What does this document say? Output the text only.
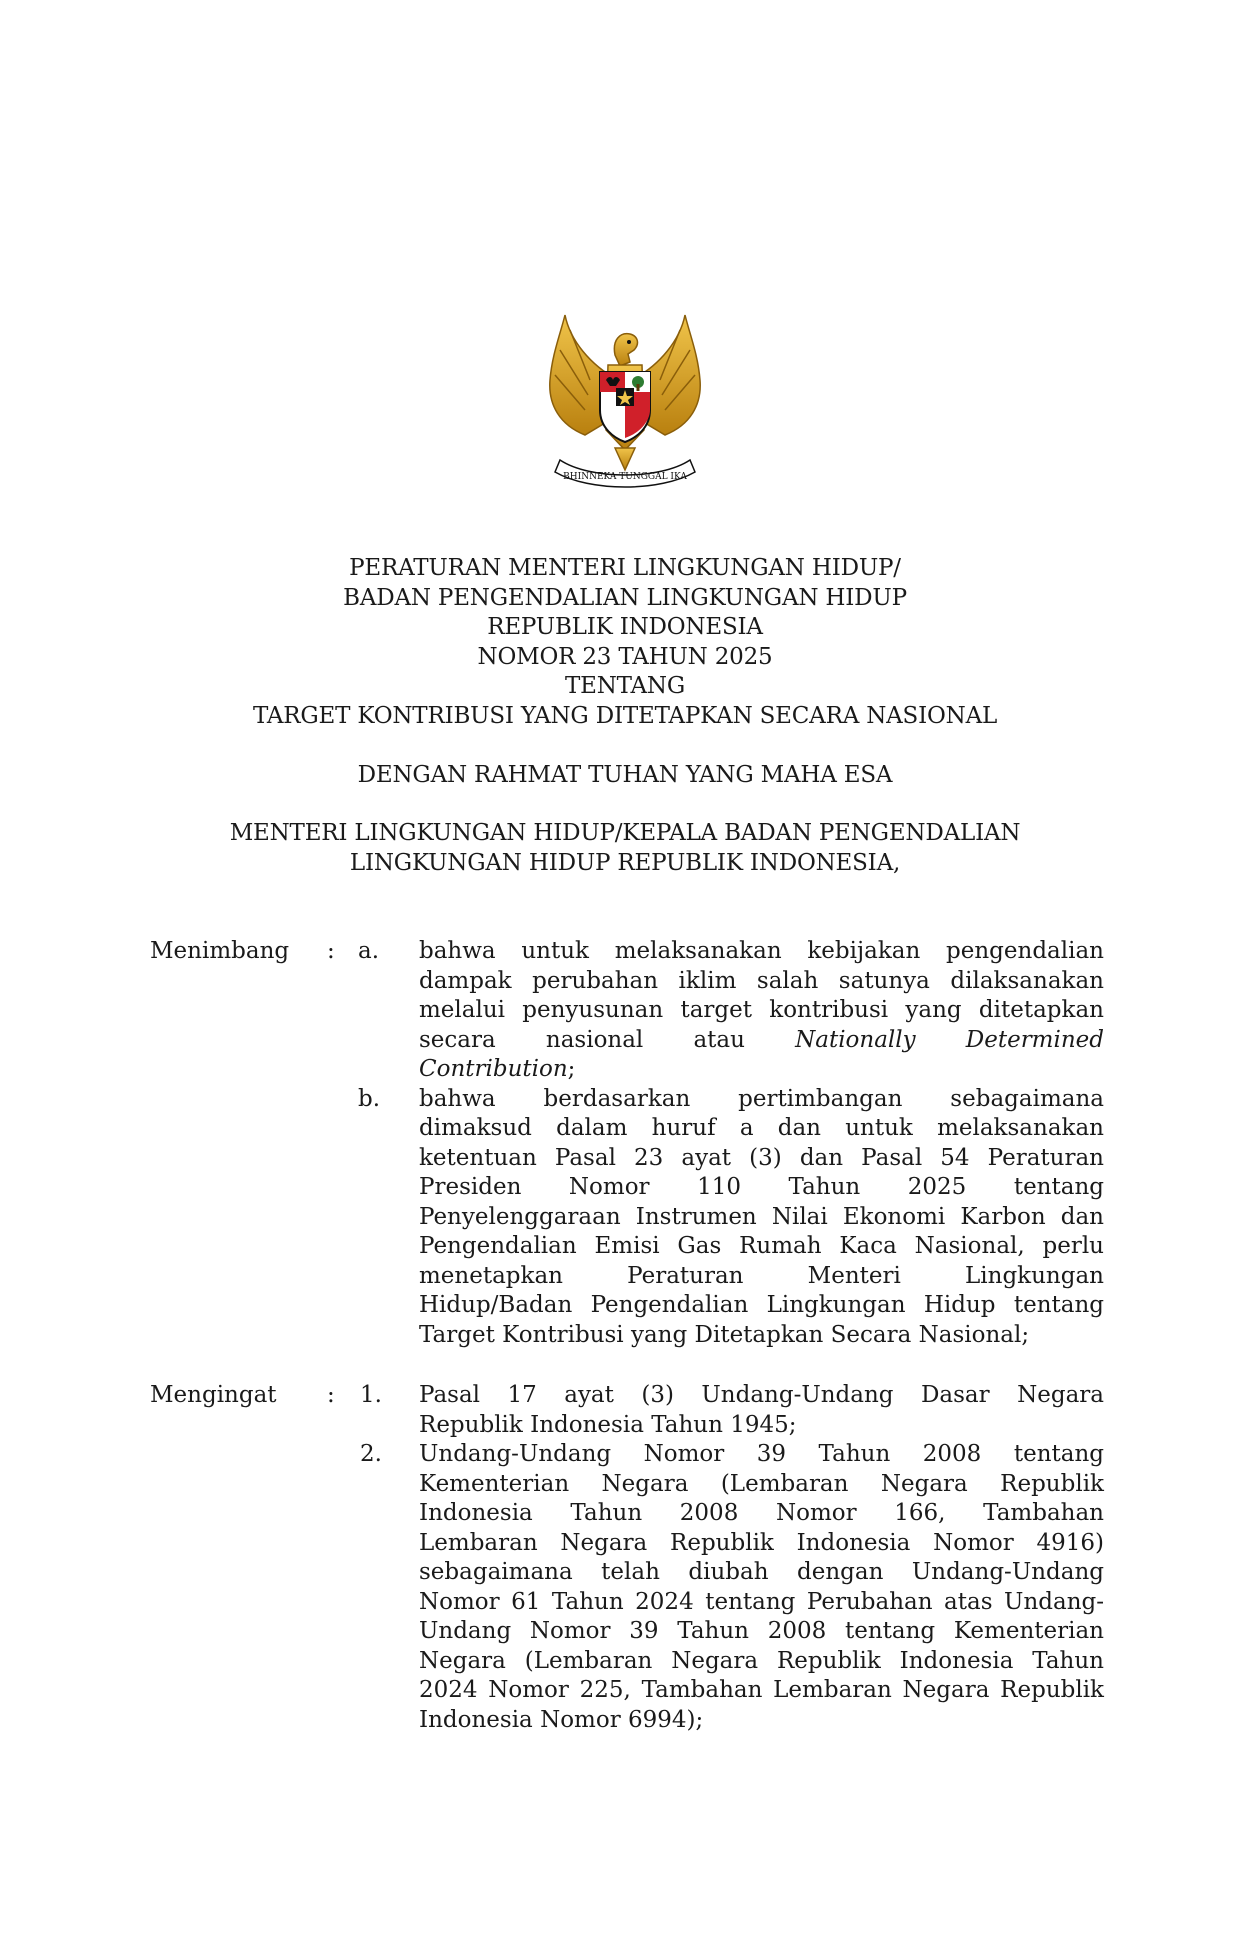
BHINNEKA TUNGGAL IKA
PERATURAN MENTERI LINGKUNGAN HIDUP/
BADAN PENGENDALIAN LINGKUNGAN HIDUP
REPUBLIK INDONESIA
NOMOR 23 TAHUN 2025
TENTANG
TARGET KONTRIBUSI YANG DITETAPKAN SECARA NASIONAL
DENGAN RAHMAT TUHAN YANG MAHA ESA
MENTERI LINGKUNGAN HIDUP/KEPALA BADAN PENGENDALIAN
LINGKUNGAN HIDUP REPUBLIK INDONESIA,
Menimbang	: a. bahwa untuk melaksanakan kebijakan pengendalian
dampak perubahan iklim salah satunya dilaksanakan
melalui penyusunan target kontribusi yang ditetapkan
secara nasional atau Nationally Determined
Contribution;
b. bahwa berdasarkan pertimbangan sebagaimana
dimaksud dalam huruf a dan untuk melaksanakan
ketentuan Pasal 23 ayat (3) dan Pasal 54 Peraturan
Presiden Nomor 110 Tahun 2025 tentang
Penyelenggaraan Instrumen Nilai Ekonomi Karbon dan
Pengendalian Emisi Gas Rumah Kaca Nasional, perlu
menetapkan Peraturan Menteri Lingkungan
Hidup/Badan Pengendalian Lingkungan Hidup tentang
Target Kontribusi yang Ditetapkan Secara Nasional;
Mengingat	: 1. Pasal 17 ayat (3) Undang-Undang Dasar Negara
Republik Indonesia Tahun 1945;
2. Undang-Undang Nomor 39 Tahun 2008 tentang
Kementerian Negara (Lembaran Negara Republik
Indonesia Tahun 2008 Nomor 166, Tambahan
Lembaran Negara Republik Indonesia Nomor 4916)
sebagaimana telah diubah dengan Undang-Undang
Nomor 61 Tahun 2024 tentang Perubahan atas Undang-
Undang Nomor 39 Tahun 2008 tentang Kementerian
Negara (Lembaran Negara Republik Indonesia Tahun
2024 Nomor 225, Tambahan Lembaran Negara Republik
Indonesia Nomor 6994);
